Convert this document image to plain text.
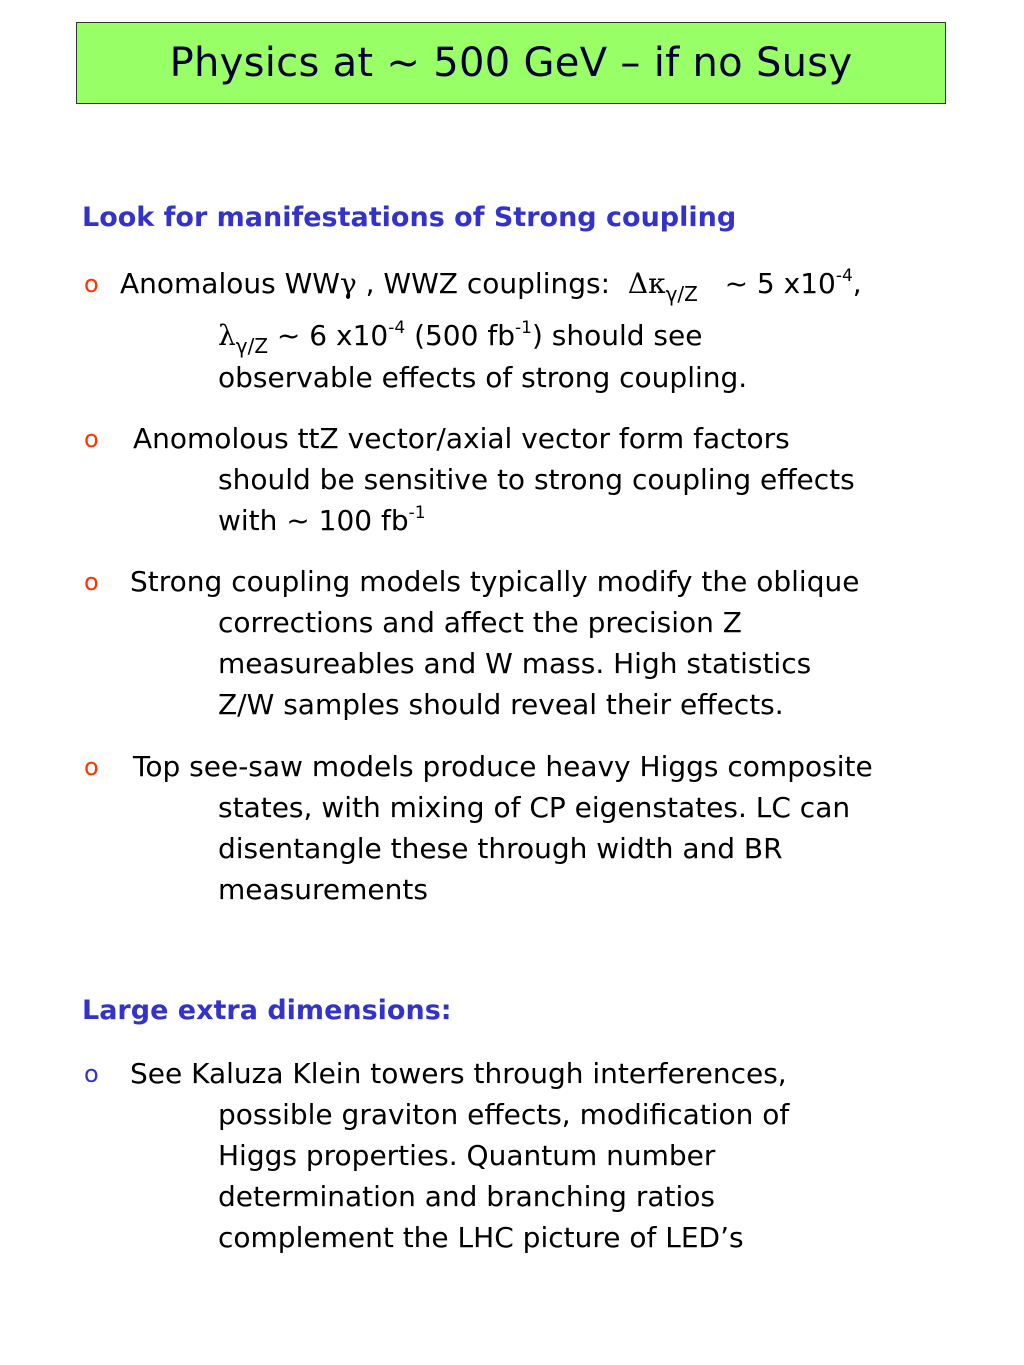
Physics at ~ 500 GeV – if no Susy
Look for manifestations of Strong coupling
o Anomalous WWγ , WWZ couplings: $\Delta\kappa_{\gamma/Z}$ ~ 5 $x10^{-4}$,
$\lambda_{\gamma/Z}$ ~ 6 $x10^{-4}$ (500 $fb^{-1}$) should see
observable effects of strong coupling.
o Anomolous ttZ vector/axial vector form factors
should be sensitive to strong coupling effects
with ~ 100 $fb^{-1}$
o Strong coupling models typically modify the oblique
corrections and affect the precision Z
measureables and W mass. High statistics
Z/W samples should reveal their effects.
o Top see-saw models produce heavy Higgs composite
states, with mixing of CP eigenstates. LC can
disentangle these through width and BR
measurements
Large extra dimensions:
o See Kaluza Klein towers through interferences,
possible graviton effects, modification of
Higgs properties. Quantum number
determination and branching ratios
complement the LHC picture of LED’s
